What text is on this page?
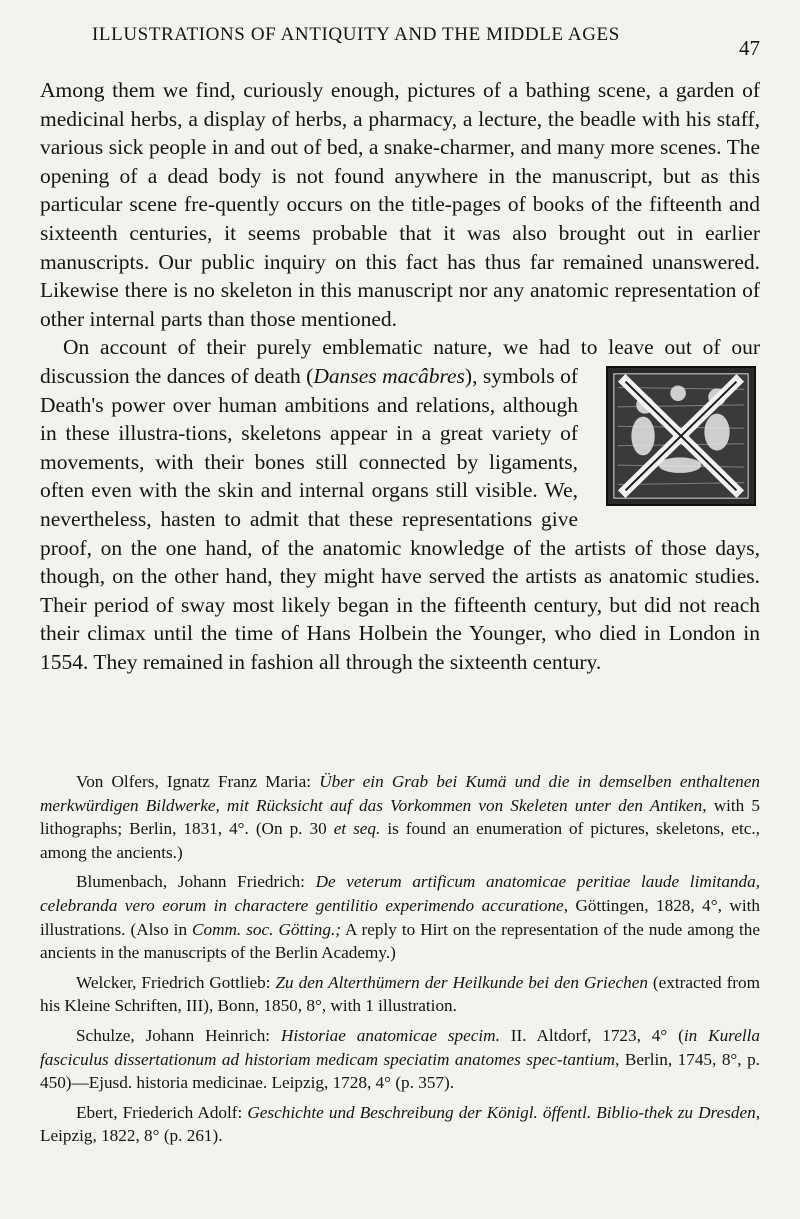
ILLUSTRATIONS OF ANTIQUITY AND THE MIDDLE AGES
47

Among them we find, curiously enough, pictures of a bathing scene, a garden of medicinal herbs, a display of herbs, a pharmacy, a lecture, the beadle with his staff, various sick people in and out of bed, a snake-charmer, and many more scenes. The opening of a dead body is not found anywhere in the manuscript, but as this particular scene fre-quently occurs on the title-pages of books of the fifteenth and sixteenth centuries, it seems probable that it was also brought out in earlier manuscripts. Our public inquiry on this fact has thus far remained unanswered. Likewise there is no skeleton in this manuscript nor any anatomic representation of other internal parts than those mentioned.

On account of their purely emblematic nature, we had to leave out of our discussion the dances of death (Danses macâbres
), symbols of Death's power over human ambitions and relations, although in these illustra-tions, skeletons appear in a great variety of movements, with their bones still connected by ligaments, often even with the skin and internal organs still visible. We, nevertheless, hasten to admit that these representations give proof, on the one hand, of the anatomic knowledge of the artists of those days, though, on the other hand, they might have served the artists as anatomic studies. Their period of sway most likely began in the fifteenth century, but did not reach their climax until the time of Hans Holbein the Younger, who died in London in 1554. They remained in fashion all through the sixteenth century.

Von Olfers, Ignatz Franz Maria: Über ein Grab bei Kumä und die in demselben enthaltenen merkwürdigen Bildwerke, mit Rücksicht auf das Vorkommen von Skeleten unter den Antiken, with 5 lithographs; Berlin, 1831, 4°. (On p. 30 et seq. is found an enumeration of pictures, skeletons, etc., among the ancients.)

Blumenbach, Johann Friedrich: De veterum artificum anatomicae peritiae laude limitanda, celebranda vero eorum in charactere gentilitio experimendo accuratione, Göttingen, 1828, 4°, with illustrations. (Also in Comm. soc. Götting.; A reply to Hirt on the representation of the nude among the ancients in the manuscripts of the Berlin Academy.)

Welcker, Friedrich Gottlieb: Zu den Alterthümern der Heilkunde bei den Griechen (extracted from his Kleine Schriften, III), Bonn, 1850, 8°, with 1 illustration.

Schulze, Johann Heinrich: Historiae anatomicae specim. II. Altdorf, 1723, 4° (in Kurella fasciculus dissertationum ad historiam medicam speciatim anatomes spec-tantium, Berlin, 1745, 8°, p. 450)—Ejusd. historia medicinae. Leipzig, 1728, 4° (p. 357).

Ebert, Friederich Adolf: Geschichte und Beschreibung der Königl. öffentl. Biblio-thek zu Dresden, Leipzig, 1822, 8° (p. 261).
